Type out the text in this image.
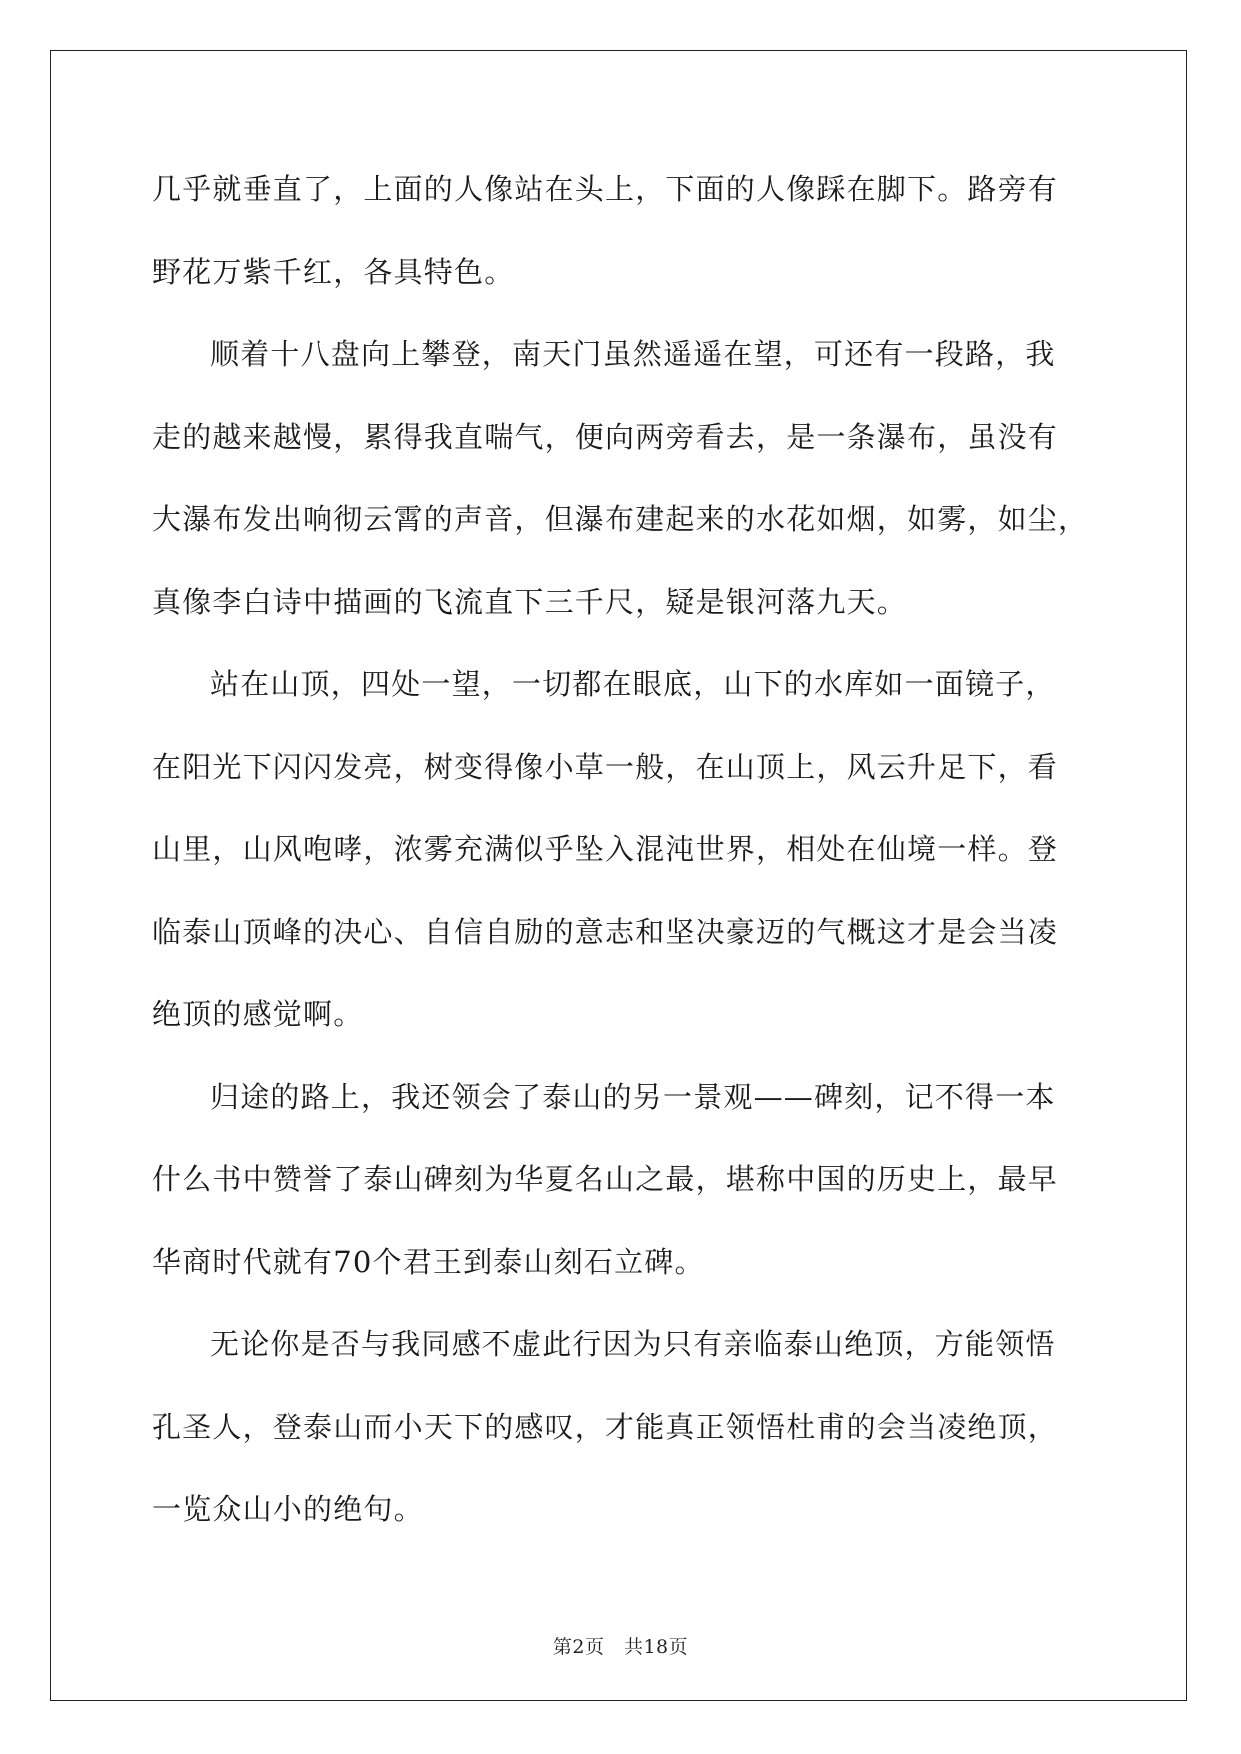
几乎就垂直了，上面的人像站在头上，下面的人像踩在脚下。路旁有
野花万紫千红，各具特色。
顺着十八盘向上攀登，南天门虽然遥遥在望，可还有一段路，我
走的越来越慢，累得我直喘气，便向两旁看去，是一条瀑布，虽没有
大瀑布发出响彻云霄的声音，但瀑布建起来的水花如烟，如雾，如尘，
真像李白诗中描画的飞流直下三千尺，疑是银河落九天。
站在山顶，四处一望，一切都在眼底，山下的水库如一面镜子，
在阳光下闪闪发亮，树变得像小草一般，在山顶上，风云升足下，看
山里，山风咆哮，浓雾充满似乎坠入混沌世界，相处在仙境一样。登
临泰山顶峰的决心、自信自励的意志和坚决豪迈的气概这才是会当凌
绝顶的感觉啊。
归途的路上，我还领会了泰山的另一景观——碑刻，记不得一本
什么书中赞誉了泰山碑刻为华夏名山之最，堪称中国的历史上，最早
华商时代就有70个君王到泰山刻石立碑。
无论你是否与我同感不虚此行因为只有亲临泰山绝顶，方能领悟
孔圣人，登泰山而小天下的感叹，才能真正领悟杜甫的会当凌绝顶，
一览众山小的绝句。
第2页　共18页
